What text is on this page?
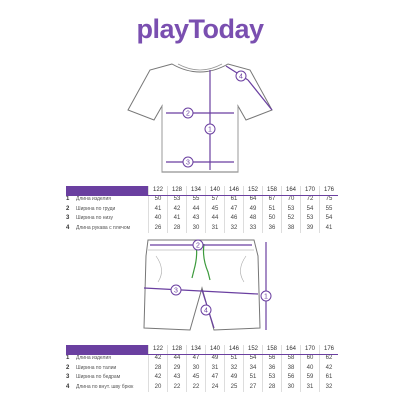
playToday
1
2
3
4
122	128	134	140	146	152	158	164	170	176
1	Длина изделия	50	53	55	57	61	64	67	70	72	75
2	Ширина по груди	41	42	44	45	47	49	51	53	54	55
3	Ширина по низу	40	41	43	44	46	48	50	52	53	54
4	Длина рукава с плечом	26	28	30	31	32	33	36	38	39	41
1
2
3
4
122	128	134	140	146	152	158	164	170	176
1	Длина изделия	42	44	47	49	51	54	56	58	60	62
2	Ширина по талии	28	29	30	31	32	34	36	38	40	42
3	Ширина по бедрам	42	43	45	47	49	51	53	56	59	61
4	Длина по внут. шву брюк	20	22	22	24	25	27	28	30	31	32
